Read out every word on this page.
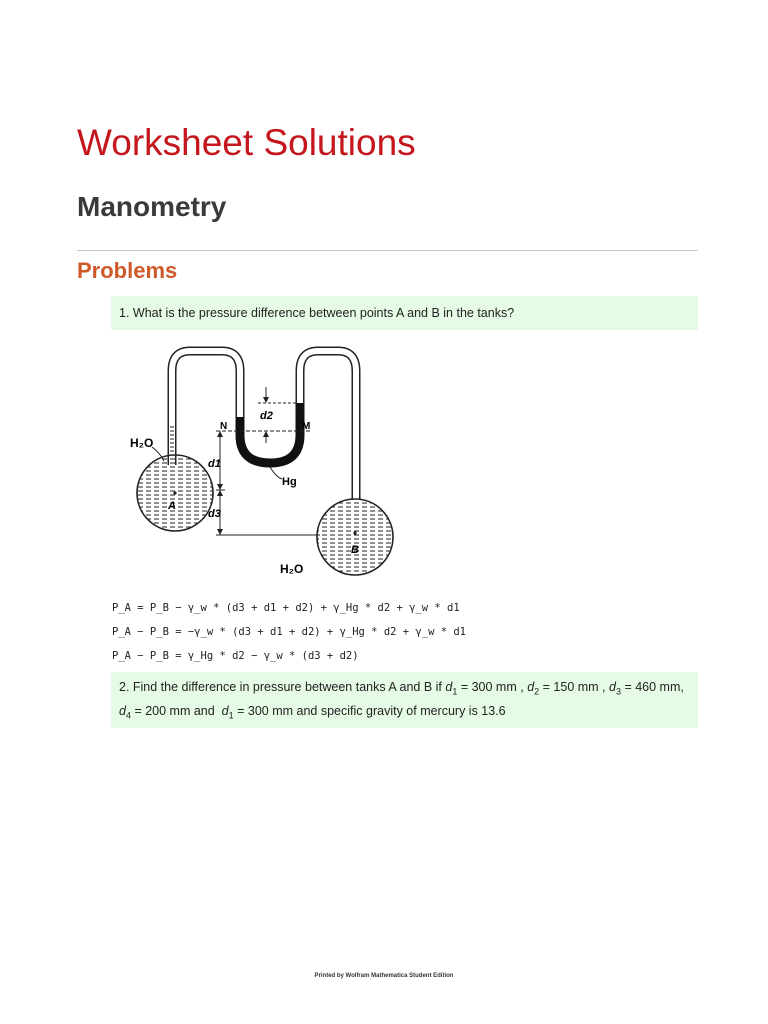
Worksheet Solutions
Manometry
Problems
1. What is the pressure difference between points A and B in the tanks?
H₂O
H₂O
A
B
N	M
Hg
d1
d2
d3
P_A = P_B − γ_w * (d3 + d1 + d2) + γ_Hg * d2 + γ_w * d1
P_A − P_B = −γ_w * (d3 + d1 + d2) + γ_Hg * d2 + γ_w * d1
P_A − P_B = γ_Hg * d2 − γ_w * (d3 + d2)
2. Find the difference in pressure between tanks A and B if $d_1 = 300$ mm , $d_2 = 150$ mm , $d_3 = 460$ mm,
$d_4 = 200$ mm and $d_1 = 300$ mm and specific gravity of mercury is 13.6
Printed by Wolfram Mathematica Student Edition
